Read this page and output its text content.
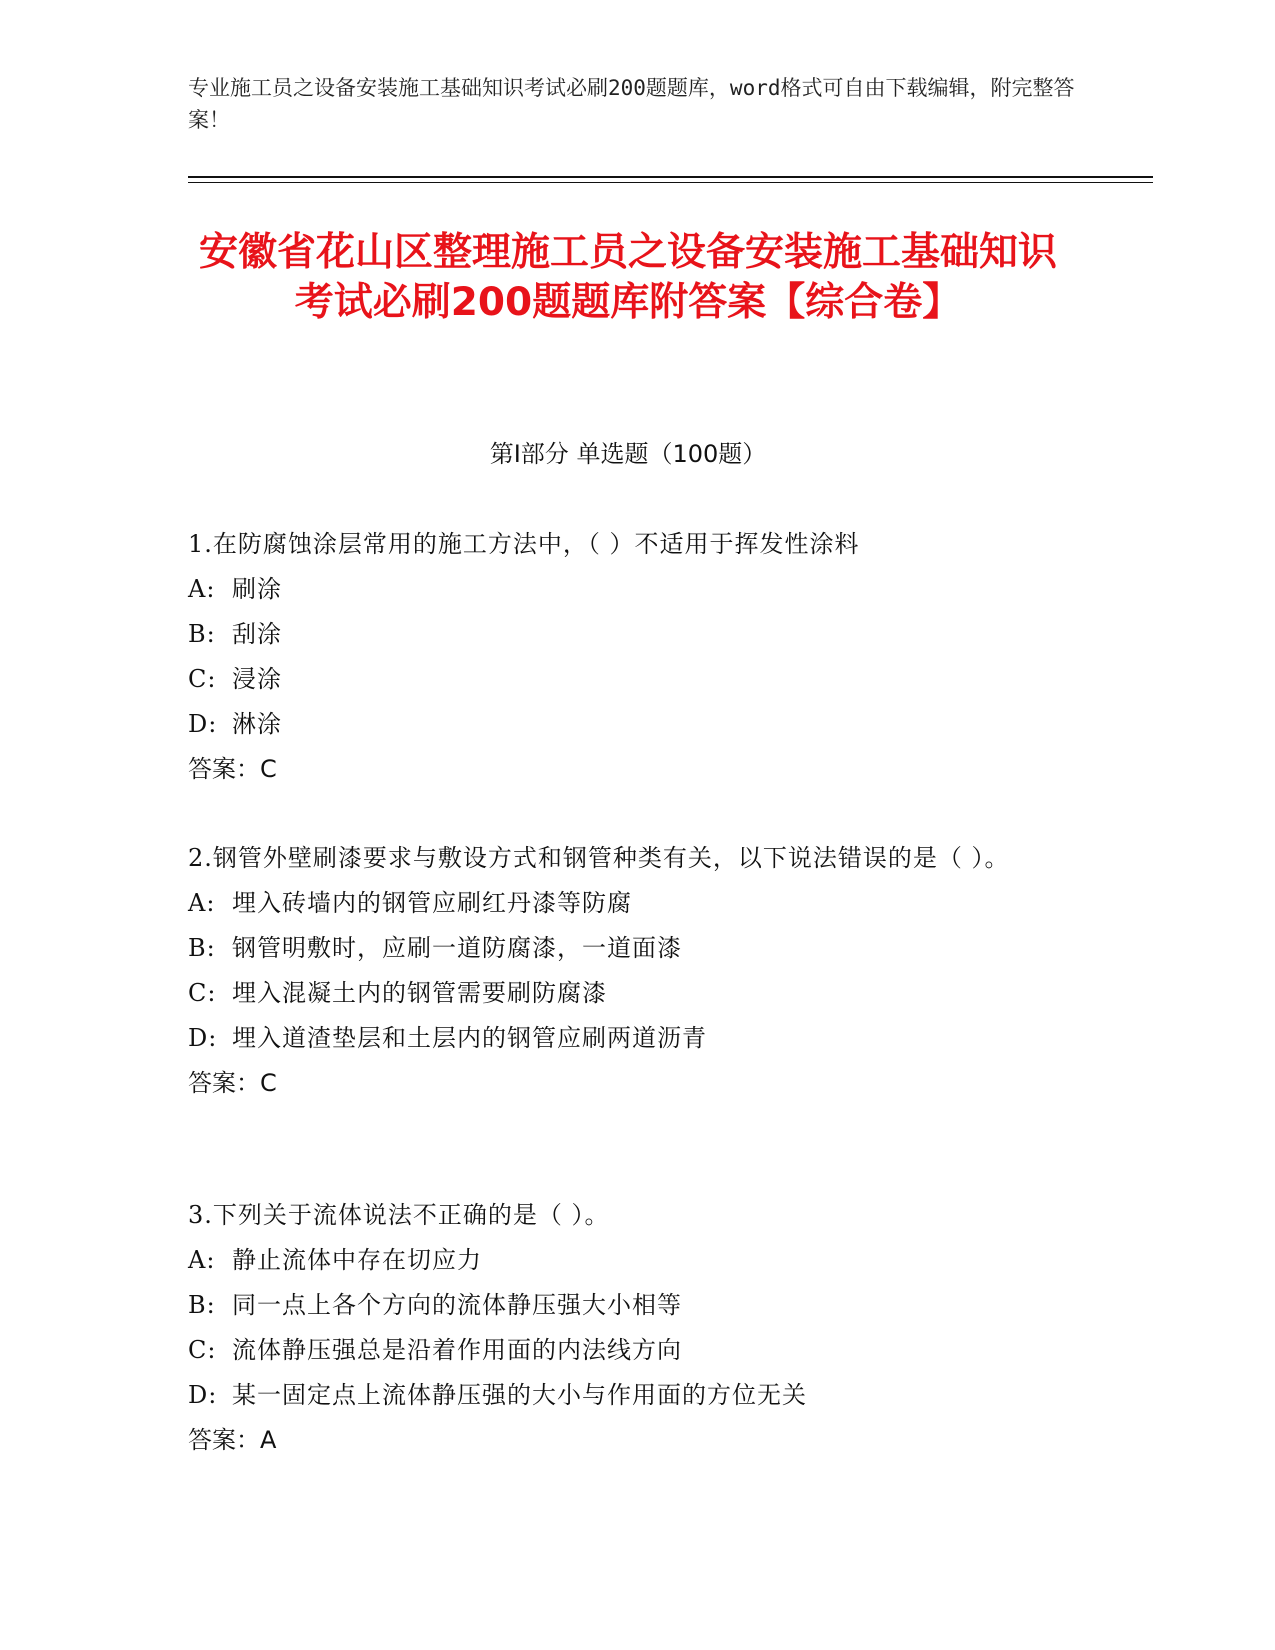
专业施工员之设备安装施工基础知识考试必刷200题题库，word格式可自由下载编辑，附完整答案！
安徽省花山区整理施工员之设备安装施工基础知识考试必刷200题题库附答案【综合卷】
第I部分 单选题（100题）

1.在防腐蚀涂层常用的施工方法中，（ ）不适用于挥发性涂料

A: 刷涂

B: 刮涂

C: 浸涂

D: 淋涂

答案：C

2.钢管外壁刷漆要求与敷设方式和钢管种类有关，以下说法错误的是（ ）。

A: 埋入砖墙内的钢管应刷红丹漆等防腐

B: 钢管明敷时，应刷一道防腐漆，一道面漆

C: 埋入混凝土内的钢管需要刷防腐漆

D: 埋入道渣垫层和土层内的钢管应刷两道沥青

答案：C

3.下列关于流体说法不正确的是（ ）。

A: 静止流体中存在切应力

B: 同一点上各个方向的流体静压强大小相等

C: 流体静压强总是沿着作用面的内法线方向

D: 某一固定点上流体静压强的大小与作用面的方位无关

答案：A
